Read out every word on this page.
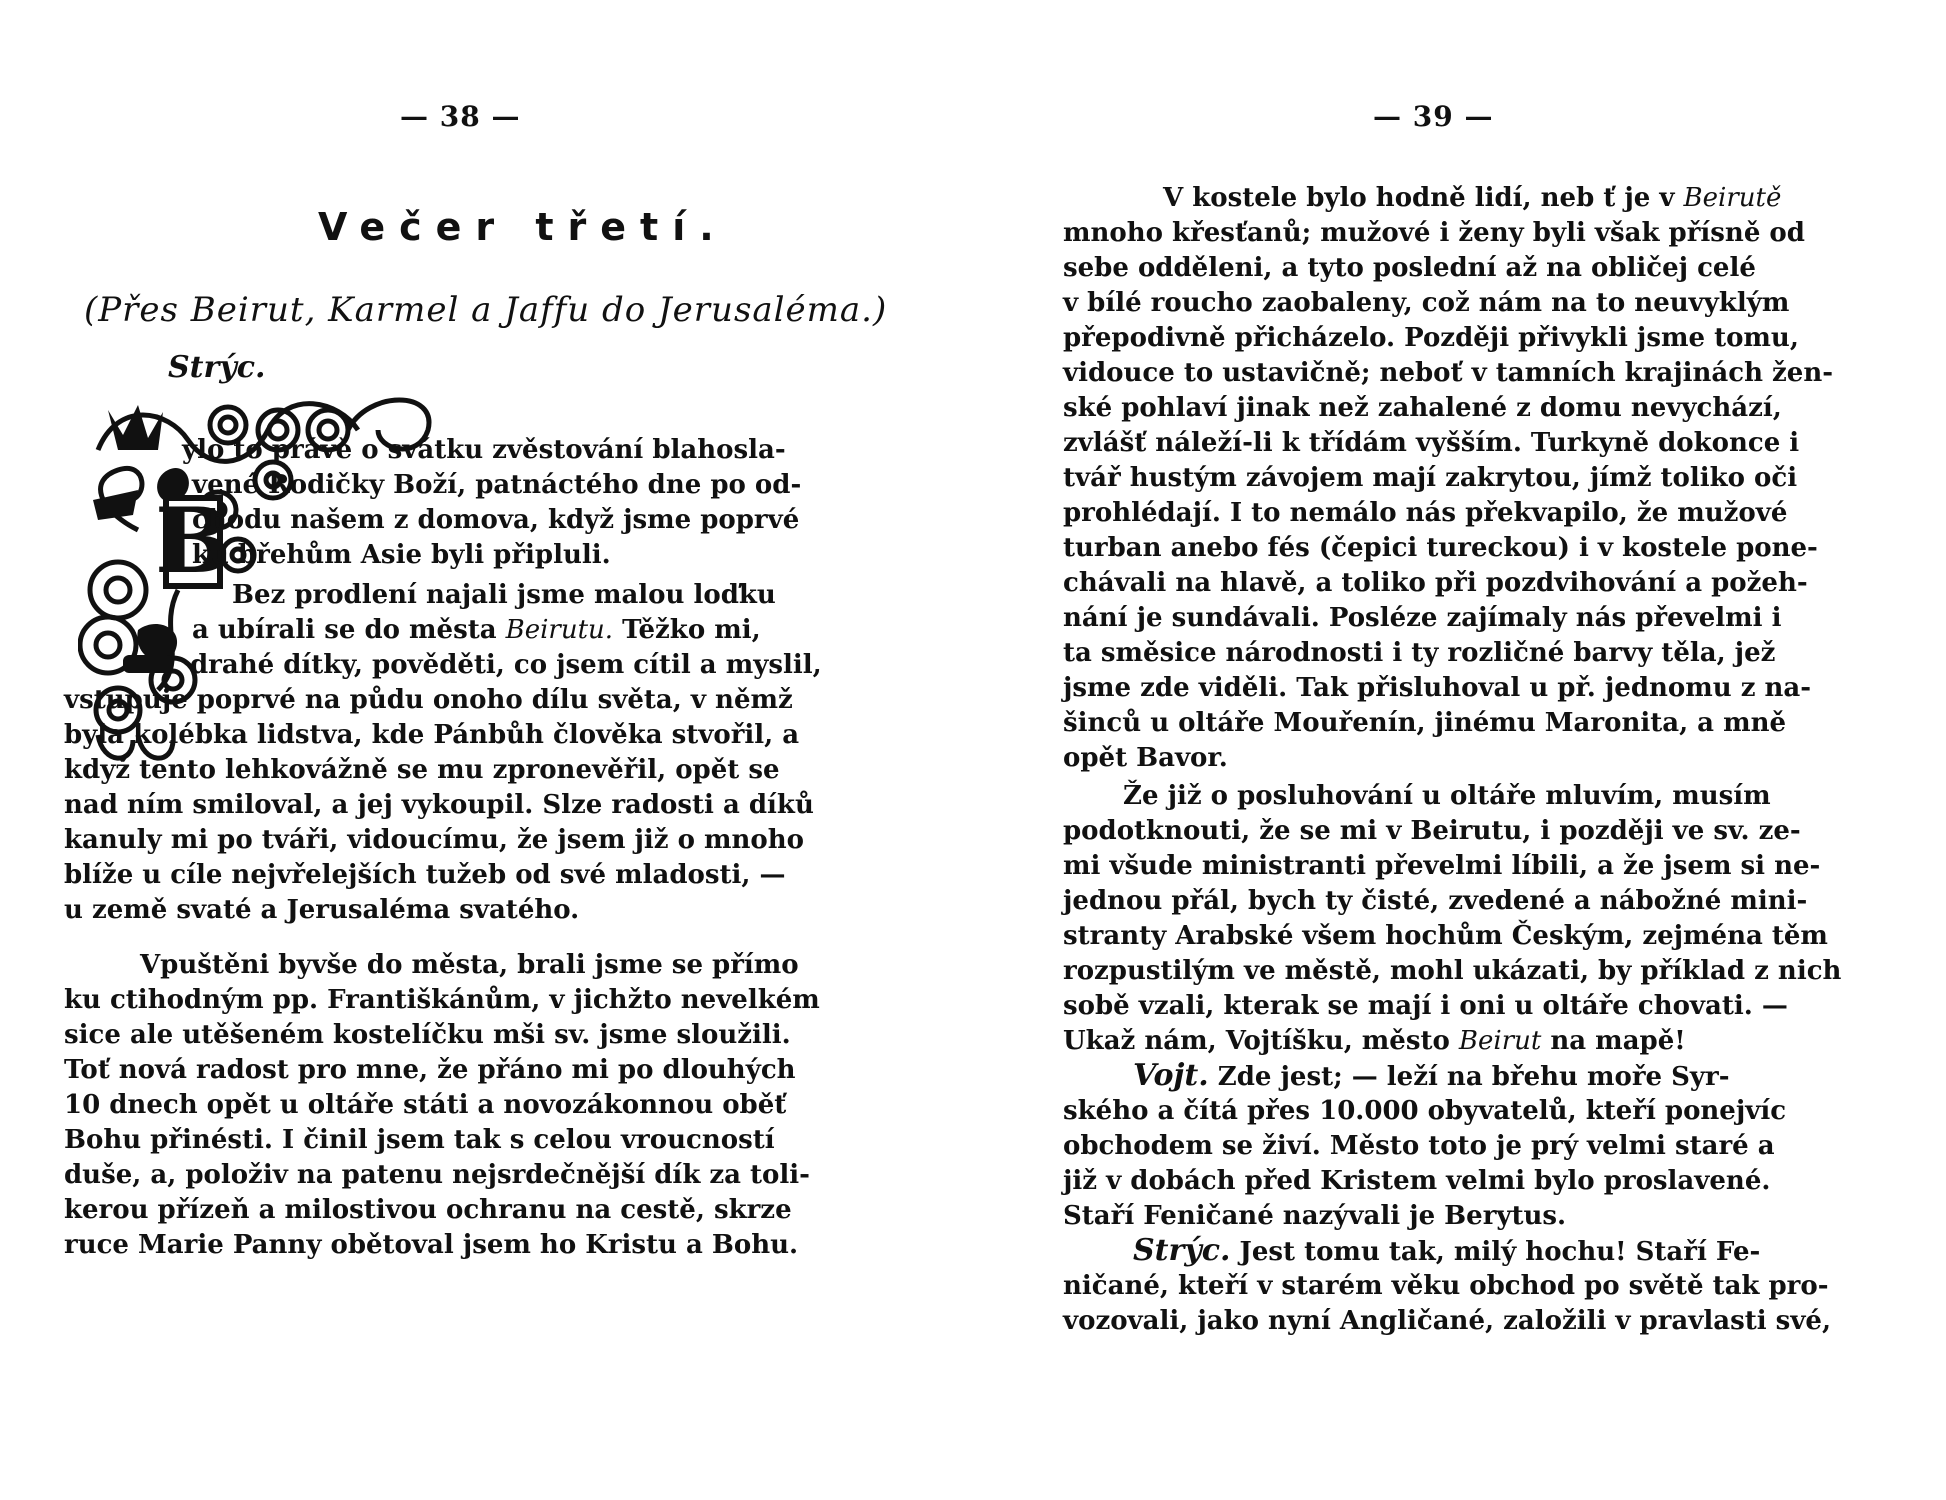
— 38 —
Večer třetí.
(Přes Beirut, Karmel a Jaffu do Jerusaléma.)
Strýc.
B
ylo to právě o svátku zvěstování blahosla-
vené Rodičky Boží, patnáctého dne po od-
chodu našem z domova, když jsme poprvé
ku břehům Asie byli připluli.
Bez prodlení najali jsme malou loďku
a ubírali se do města Beirutu. Těžko mi,
drahé dítky, pověděti, co jsem cítil a myslil,
vstupuje poprvé na půdu onoho dílu světa, v němž
byla kolébka lidstva, kde Pánbůh člověka stvořil, a
když tento lehkovážně se mu zpronevěřil, opět se
nad ním smiloval, a jej vykoupil. Slze radosti a díků
kanuly mi po tváři, vidoucímu, že jsem již o mnoho
blíže u cíle nejvřelejších tužeb od své mladosti, —
u země svaté a Jerusaléma svatého.
Vpuštěni byvše do města, brali jsme se přímo
ku ctihodným pp. Františkánům, v jichžto nevelkém
sice ale utěšeném kostelíčku mši sv. jsme sloužili.
Toť nová radost pro mne, že přáno mi po dlouhých
10 dnech opět u oltáře státi a novozákonnou oběť
Bohu přinésti. I činil jsem tak s celou vroucností
duše, a, položiv na patenu nejsrdečnější dík za toli-
kerou přízeň a milostivou ochranu na cestě, skrze
ruce Marie Panny obětoval jsem ho Kristu a Bohu.
— 39 —
V kostele bylo hodně lidí, neb ť je v Beirutě
mnoho křesťanů; mužové i ženy byli však přísně od
sebe odděleni, a tyto poslední až na obličej celé
v bílé roucho zaobaleny, což nám na to neuvyklým
přepodivně přicházelo. Později přivykli jsme tomu,
vidouce to ustavičně; neboť v tamních krajinách žen-
ské pohlaví jinak než zahalené z domu nevychází,
zvlášť náleží-li k třídám vyšším. Turkyně dokonce i
tvář hustým závojem mají zakrytou, jímž toliko oči
prohlédají. I to nemálo nás překvapilo, že mužové
turban anebo fés (čepici tureckou) i v kostele pone-
chávali na hlavě, a toliko při pozdvihování a požeh-
nání je sundávali. Posléze zajímaly nás převelmi i
ta směsice národnosti i ty rozličné barvy těla, jež
jsme zde viděli. Tak přisluhoval u př. jednomu z na-
šinců u oltáře Mouřenín, jinému Maronita, a mně
opět Bavor.
Že již o posluhování u oltáře mluvím, musím
podotknouti, že se mi v Beirutu, i později ve sv. ze-
mi všude ministranti převelmi líbili, a že jsem si ne-
jednou přál, bych ty čisté, zvedené a nábožné mini-
stranty Arabské všem hochům Českým, zejména těm
rozpustilým ve městě, mohl ukázati, by příklad z nich
sobě vzali, kterak se mají i oni u oltáře chovati. —
Ukaž nám, Vojtíšku, město Beirut na mapě!
Vojt. Zde jest; — leží na břehu moře Syr-
ského a čítá přes 10.000 obyvatelů, kteří ponejvíc
obchodem se živí. Město toto je prý velmi staré a
již v dobách před Kristem velmi bylo proslavené.
Staří Feničané nazývali je Berytus.
Strýc. Jest tomu tak, milý hochu! Staří Fe-
ničané, kteří v starém věku obchod po světě tak pro-
vozovali, jako nyní Angličané, založili v pravlasti své,
